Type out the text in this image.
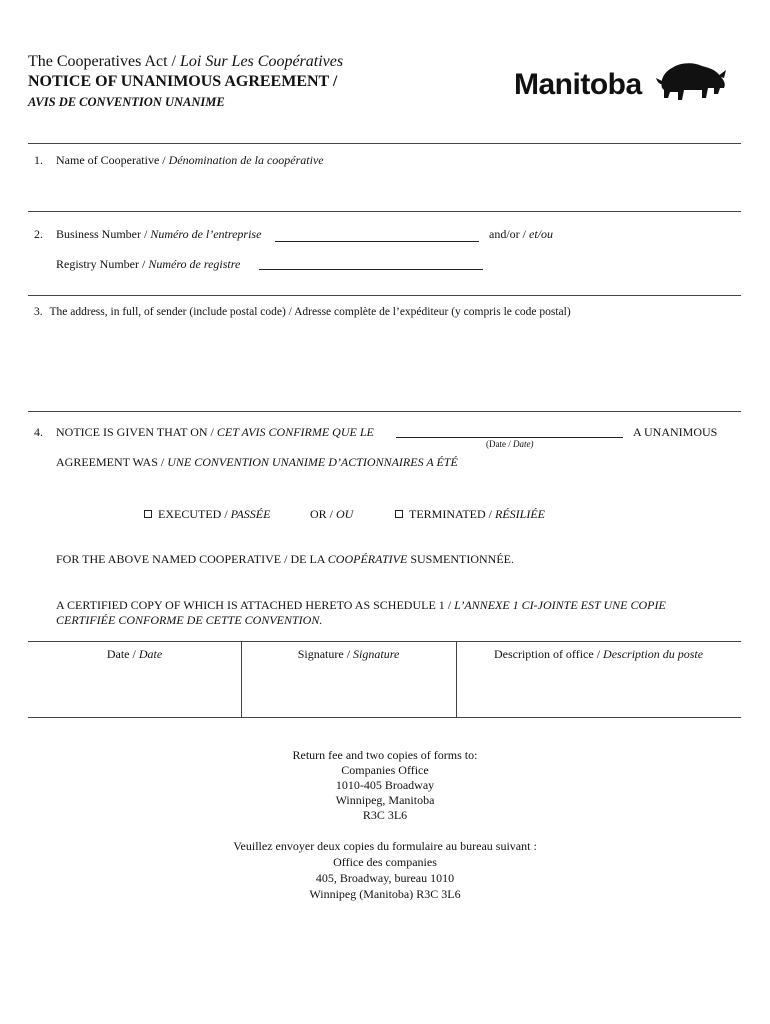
The Cooperatives Act / Loi Sur Les Coopératives
NOTICE OF UNANIMOUS AGREEMENT /
AVIS DE CONVENTION UNANIME
Manitoba
1. Name of Cooperative / Dénomination de la coopérative
2. Business Number / Numéro de l’entreprise	and/or / et/ou
Registry Number / Numéro de registre
3. The address, in full, of sender (include postal code) / Adresse complète de l’expéditeur (y compris le code postal)
4. NOTICE IS GIVEN THAT ON / CET AVIS CONFIRME QUE LE	A UNANIMOUS
(Date / Date)
AGREEMENT WAS / UNE CONVENTION UNANIME D’ACTIONNAIRES A ÉTÉ
EXECUTED / PASSÉE	OR / OU	TERMINATED / RÉSILIÉE
FOR THE ABOVE NAMED COOPERATIVE / DE LA COOPÉRATIVE SUSMENTIONNÉE.
A CERTIFIED COPY OF WHICH IS ATTACHED HERETO AS SCHEDULE 1 / L’ANNEXE 1 CI-JOINTE EST UNE COPIE
CERTIFIÉE CONFORME DE CETTE CONVENTION.
Date / Date	Signature / Signature	Description of office / Description du poste
Return fee and two copies of forms to:
Companies Office
1010-405 Broadway
Winnipeg, Manitoba
R3C 3L6
Veuillez envoyer deux copies du formulaire au bureau suivant :
Office des companies
405, Broadway, bureau 1010
Winnipeg (Manitoba) R3C 3L6
